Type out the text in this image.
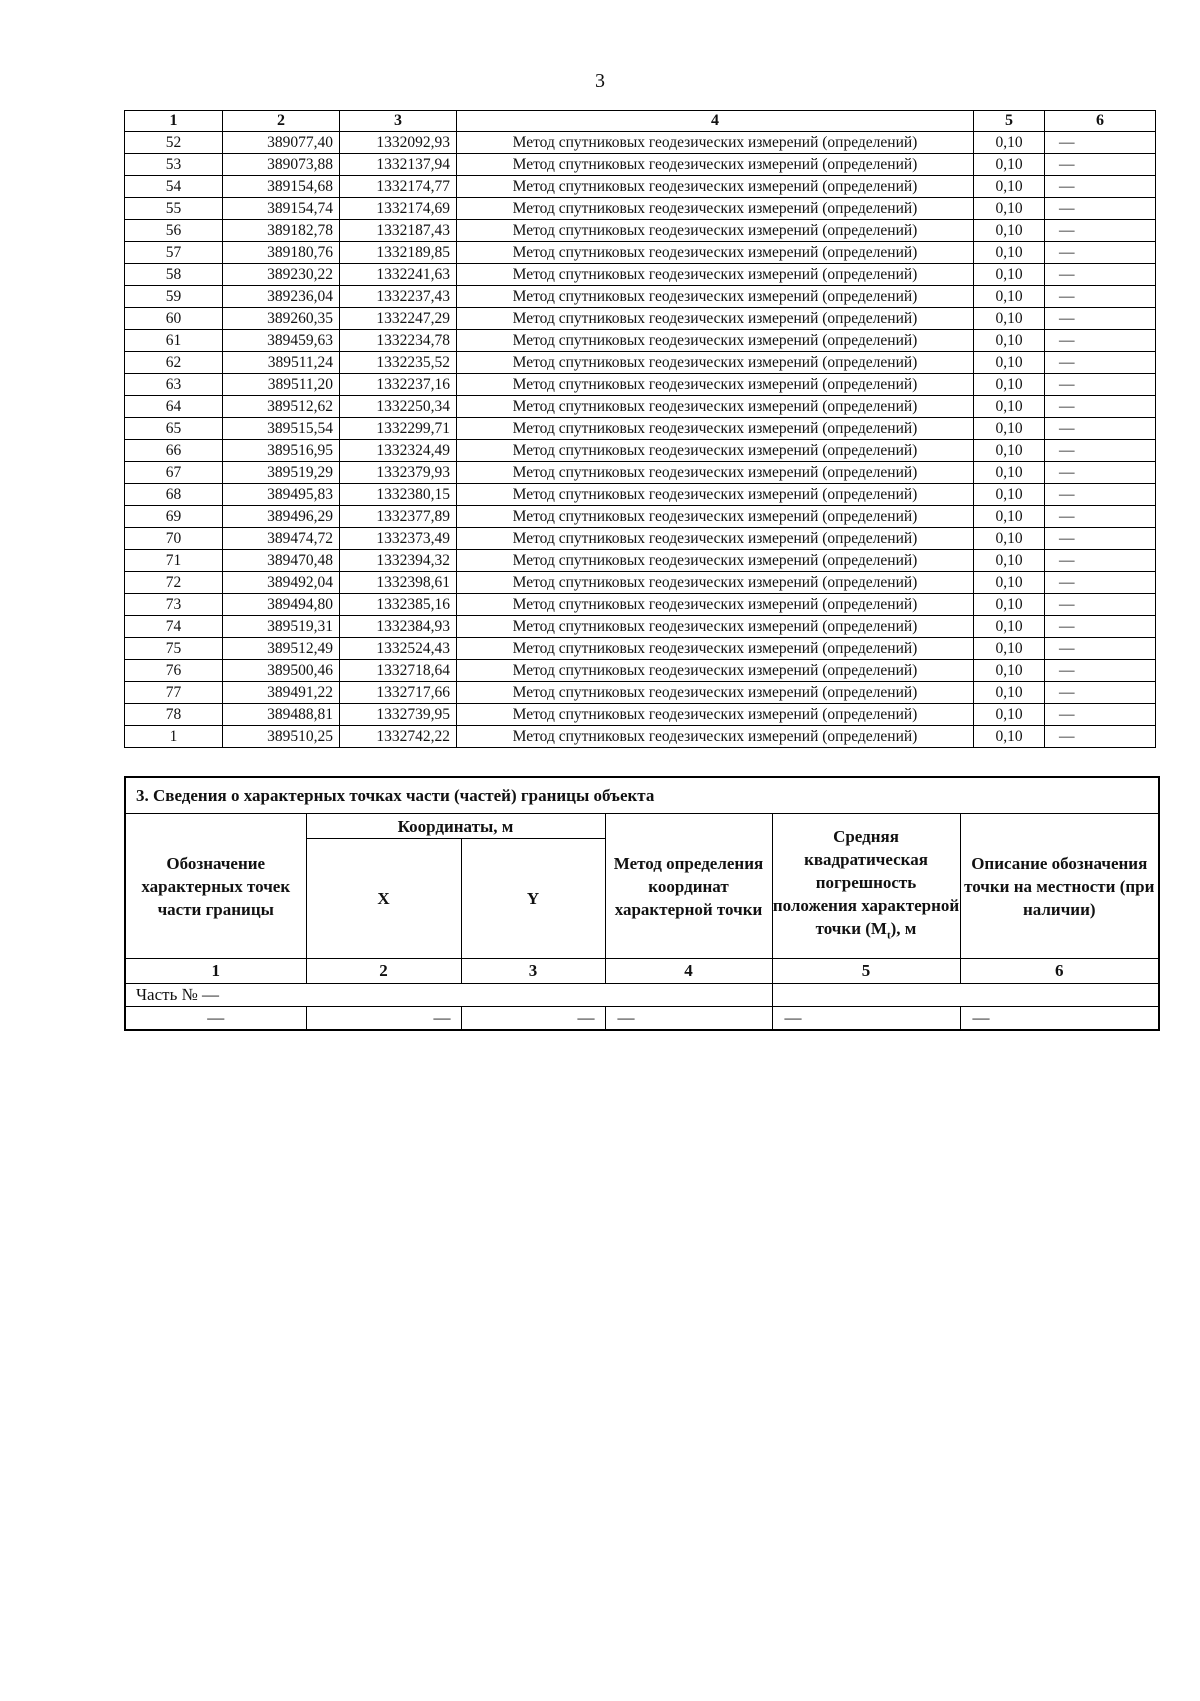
3
1	2	3	4	5	6
52	389077,40	1332092,93	Метод спутниковых геодезических измерений (определений)	0,10	—
53	389073,88	1332137,94	Метод спутниковых геодезических измерений (определений)	0,10	—
54	389154,68	1332174,77	Метод спутниковых геодезических измерений (определений)	0,10	—
55	389154,74	1332174,69	Метод спутниковых геодезических измерений (определений)	0,10	—
56	389182,78	1332187,43	Метод спутниковых геодезических измерений (определений)	0,10	—
57	389180,76	1332189,85	Метод спутниковых геодезических измерений (определений)	0,10	—
58	389230,22	1332241,63	Метод спутниковых геодезических измерений (определений)	0,10	—
59	389236,04	1332237,43	Метод спутниковых геодезических измерений (определений)	0,10	—
60	389260,35	1332247,29	Метод спутниковых геодезических измерений (определений)	0,10	—
61	389459,63	1332234,78	Метод спутниковых геодезических измерений (определений)	0,10	—
62	389511,24	1332235,52	Метод спутниковых геодезических измерений (определений)	0,10	—
63	389511,20	1332237,16	Метод спутниковых геодезических измерений (определений)	0,10	—
64	389512,62	1332250,34	Метод спутниковых геодезических измерений (определений)	0,10	—
65	389515,54	1332299,71	Метод спутниковых геодезических измерений (определений)	0,10	—
66	389516,95	1332324,49	Метод спутниковых геодезических измерений (определений)	0,10	—
67	389519,29	1332379,93	Метод спутниковых геодезических измерений (определений)	0,10	—
68	389495,83	1332380,15	Метод спутниковых геодезических измерений (определений)	0,10	—
69	389496,29	1332377,89	Метод спутниковых геодезических измерений (определений)	0,10	—
70	389474,72	1332373,49	Метод спутниковых геодезических измерений (определений)	0,10	—
71	389470,48	1332394,32	Метод спутниковых геодезических измерений (определений)	0,10	—
72	389492,04	1332398,61	Метод спутниковых геодезических измерений (определений)	0,10	—
73	389494,80	1332385,16	Метод спутниковых геодезических измерений (определений)	0,10	—
74	389519,31	1332384,93	Метод спутниковых геодезических измерений (определений)	0,10	—
75	389512,49	1332524,43	Метод спутниковых геодезических измерений (определений)	0,10	—
76	389500,46	1332718,64	Метод спутниковых геодезических измерений (определений)	0,10	—
77	389491,22	1332717,66	Метод спутниковых геодезических измерений (определений)	0,10	—
78	389488,81	1332739,95	Метод спутниковых геодезических измерений (определений)	0,10	—
1	389510,25	1332742,22	Метод спутниковых геодезических измерений (определений)	0,10	—
3. Сведения о характерных точках части (частей) границы объекта					
Обозначение характерных точек части границы	Координаты, м		Метод определения координат характерной точки	Средняя квадратическая погрешность положения характерной точки $(M_t)$, м	Описание обозначения точки на местности (при наличии)
	X	Y			
1	2	3	4	5	6
Часть № —					
—	—	—	—	—	—
